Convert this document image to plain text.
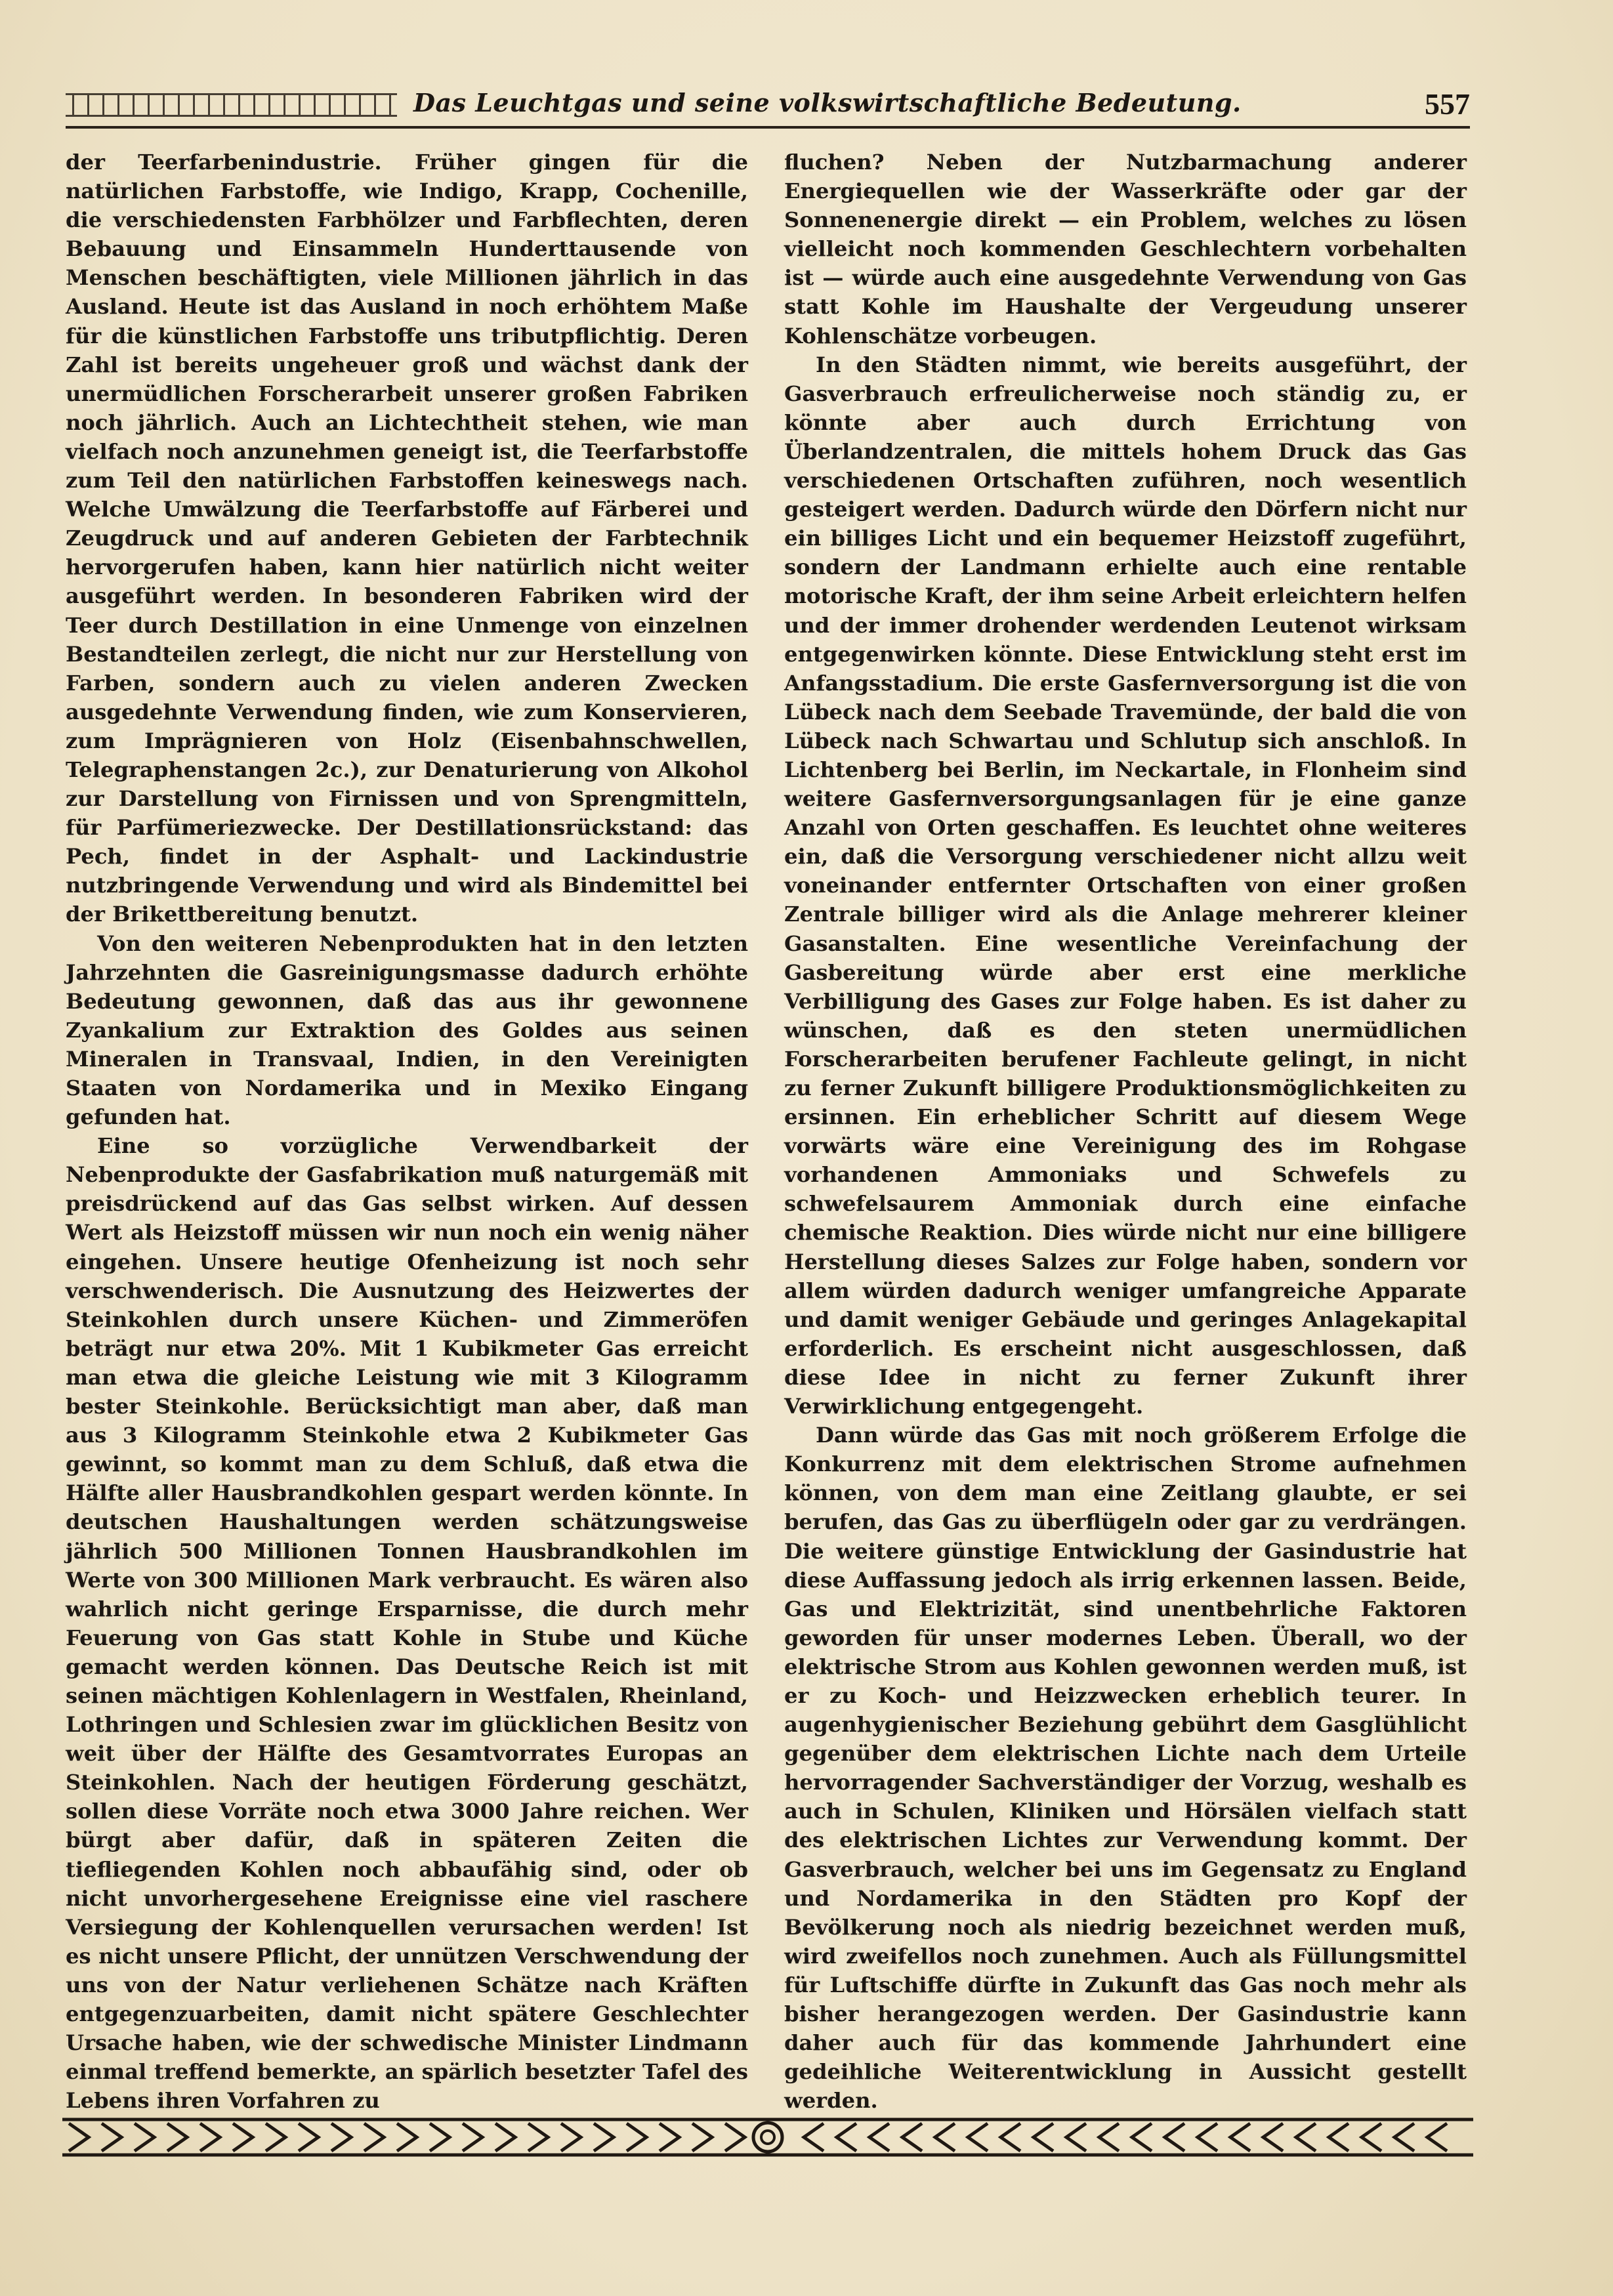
Das Leuchtgas und seine volkswirtschaftliche Bedeutung.	557

der Teerfarbenindustrie. Früher gingen für die natürlichen Farbstoffe, wie Indigo, Krapp, Cochenille, die verschiedensten Farbhölzer und Farbflechten, deren Bebauung und Einsammeln Hunderttausende von Menschen beschäftigten, viele Millionen jährlich in das Ausland. Heute ist das Ausland in noch erhöhtem Maße für die künstlichen Farbstoffe uns tributpflichtig. Deren Zahl ist bereits ungeheuer groß und wächst dank der unermüdlichen Forscherarbeit unserer großen Fabriken noch jährlich. Auch an Lichtechtheit stehen, wie man vielfach noch anzunehmen geneigt ist, die Teerfarbstoffe zum Teil den natürlichen Farbstoffen keineswegs nach. Welche Umwälzung die Teerfarbstoffe auf Färberei und Zeugdruck und auf anderen Gebieten der Farbtechnik hervorgerufen haben, kann hier natürlich nicht weiter ausgeführt werden. In besonderen Fabriken wird der Teer durch Destillation in eine Unmenge von einzelnen Bestandteilen zerlegt, die nicht nur zur Herstellung von Farben, sondern auch zu vielen anderen Zwecken ausgedehnte Verwendung finden, wie zum Konservieren, zum Imprägnieren von Holz (Eisenbahnschwellen, Telegraphenstangen 2c.), zur Denaturierung von Alkohol zur Darstellung von Firnissen und von Sprengmitteln, für Parfümeriezwecke. Der Destillationsrückstand: das Pech, findet in der Asphalt- und Lackindustrie nutzbringende Verwendung und wird als Bindemittel bei der Brikettbereitung benutzt.

Von den weiteren Nebenprodukten hat in den letzten Jahrzehnten die Gasreinigungsmasse dadurch erhöhte Bedeutung gewonnen, daß das aus ihr gewonnene Zyankalium zur Extraktion des Goldes aus seinen Mineralen in Transvaal, Indien, in den Vereinigten Staaten von Nordamerika und in Mexiko Eingang gefunden hat.

Eine so vorzügliche Verwendbarkeit der Nebenprodukte der Gasfabrikation muß naturgemäß mit preisdrückend auf das Gas selbst wirken. Auf dessen Wert als Heizstoff müssen wir nun noch ein wenig näher eingehen. Unsere heutige Ofenheizung ist noch sehr verschwenderisch. Die Ausnutzung des Heizwertes der Steinkohlen durch unsere Küchen- und Zimmeröfen beträgt nur etwa 20%. Mit 1 Kubikmeter Gas erreicht man etwa die gleiche Leistung wie mit 3 Kilogramm bester Steinkohle. Berücksichtigt man aber, daß man aus 3 Kilogramm Steinkohle etwa 2 Kubikmeter Gas gewinnt, so kommt man zu dem Schluß, daß etwa die Hälfte aller Hausbrandkohlen gespart werden könnte. In deutschen Haushaltungen werden schätzungsweise jährlich 500 Millionen Tonnen Hausbrandkohlen im Werte von 300 Millionen Mark verbraucht. Es wären also wahrlich nicht geringe Ersparnisse, die durch mehr Feuerung von Gas statt Kohle in Stube und Küche gemacht werden können. Das Deutsche Reich ist mit seinen mächtigen Kohlenlagern in Westfalen, Rheinland, Lothringen und Schlesien zwar im glücklichen Besitz von weit über der Hälfte des Gesamtvorrates Europas an Steinkohlen. Nach der heutigen Förderung geschätzt, sollen diese Vorräte noch etwa 3000 Jahre reichen. Wer bürgt aber dafür, daß in späteren Zeiten die tiefliegenden Kohlen noch abbaufähig sind, oder ob nicht unvorhergesehene Ereignisse eine viel raschere Versiegung der Kohlenquellen verursachen werden! Ist es nicht unsere Pflicht, der unnützen Verschwendung der uns von der Natur verliehenen Schätze nach Kräften entgegenzuarbeiten, damit nicht spätere Geschlechter Ursache haben, wie der schwedische Minister Lindmann einmal treffend bemerkte, an spärlich besetzter Tafel des Lebens ihren Vorfahren zu

fluchen? Neben der Nutzbarmachung anderer Energiequellen wie der Wasserkräfte oder gar der Sonnenenergie direkt — ein Problem, welches zu lösen vielleicht noch kommenden Geschlechtern vorbehalten ist — würde auch eine ausgedehnte Verwendung von Gas statt Kohle im Haushalte der Vergeudung unserer Kohlenschätze vorbeugen.

In den Städten nimmt, wie bereits ausgeführt, der Gasverbrauch erfreulicherweise noch ständig zu, er könnte aber auch durch Errichtung von Überlandzentralen, die mittels hohem Druck das Gas verschiedenen Ortschaften zuführen, noch wesentlich gesteigert werden. Dadurch würde den Dörfern nicht nur ein billiges Licht und ein bequemer Heizstoff zugeführt, sondern der Landmann erhielte auch eine rentable motorische Kraft, der ihm seine Arbeit erleichtern helfen und der immer drohender werdenden Leutenot wirksam entgegenwirken könnte. Diese Entwicklung steht erst im Anfangsstadium. Die erste Gasfernversorgung ist die von Lübeck nach dem Seebade Travemünde, der bald die von Lübeck nach Schwartau und Schlutup sich anschloß. In Lichtenberg bei Berlin, im Neckartale, in Flonheim sind weitere Gasfernversorgungsanlagen für je eine ganze Anzahl von Orten geschaffen. Es leuchtet ohne weiteres ein, daß die Versorgung verschiedener nicht allzu weit voneinander entfernter Ortschaften von einer großen Zentrale billiger wird als die Anlage mehrerer kleiner Gasanstalten. Eine wesentliche Vereinfachung der Gasbereitung würde aber erst eine merkliche Verbilligung des Gases zur Folge haben. Es ist daher zu wünschen, daß es den steten unermüdlichen Forscherarbeiten berufener Fachleute gelingt, in nicht zu ferner Zukunft billigere Produktionsmöglichkeiten zu ersinnen. Ein erheblicher Schritt auf diesem Wege vorwärts wäre eine Vereinigung des im Rohgase vorhandenen Ammoniaks und Schwefels zu schwefelsaurem Ammoniak durch eine einfache chemische Reaktion. Dies würde nicht nur eine billigere Herstellung dieses Salzes zur Folge haben, sondern vor allem würden dadurch weniger umfangreiche Apparate und damit weniger Gebäude und geringes Anlagekapital erforderlich. Es erscheint nicht ausgeschlossen, daß diese Idee in nicht zu ferner Zukunft ihrer Verwirklichung entgegengeht.

Dann würde das Gas mit noch größerem Erfolge die Konkurrenz mit dem elektrischen Strome aufnehmen können, von dem man eine Zeitlang glaubte, er sei berufen, das Gas zu überflügeln oder gar zu verdrängen. Die weitere günstige Entwicklung der Gasindustrie hat diese Auffassung jedoch als irrig erkennen lassen. Beide, Gas und Elektrizität, sind unentbehrliche Faktoren geworden für unser modernes Leben. Überall, wo der elektrische Strom aus Kohlen gewonnen werden muß, ist er zu Koch- und Heizzwecken erheblich teurer. In augenhygienischer Beziehung gebührt dem Gasglühlicht gegenüber dem elektrischen Lichte nach dem Urteile hervorragender Sachverständiger der Vorzug, weshalb es auch in Schulen, Kliniken und Hörsälen vielfach statt des elektrischen Lichtes zur Verwendung kommt. Der Gasverbrauch, welcher bei uns im Gegensatz zu England und Nordamerika in den Städten pro Kopf der Bevölkerung noch als niedrig bezeichnet werden muß, wird zweifellos noch zunehmen. Auch als Füllungsmittel für Luftschiffe dürfte in Zukunft das Gas noch mehr als bisher herangezogen werden. Der Gasindustrie kann daher auch für das kommende Jahrhundert eine gedeihliche Weiterentwicklung in Aussicht gestellt werden.
